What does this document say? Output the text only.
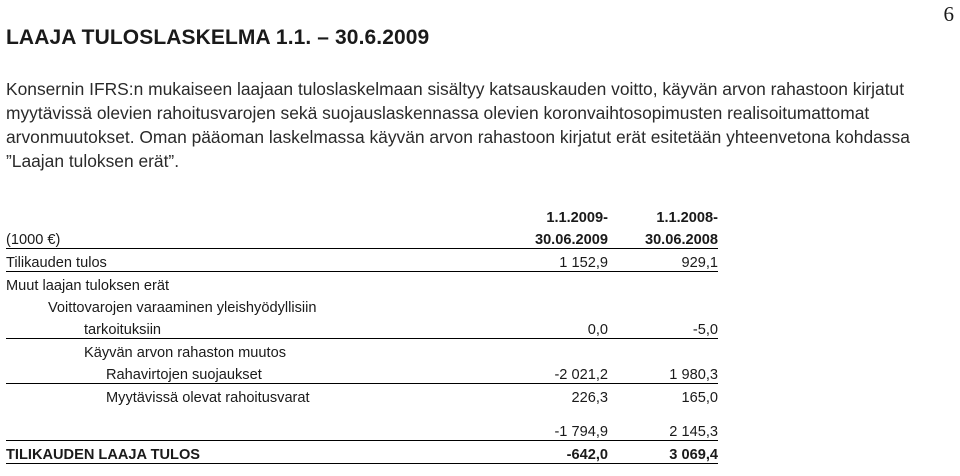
6
LAAJA TULOSLASKELMA 1.1. – 30.6.2009

Konsernin IFRS:n mukaiseen laajaan tuloslaskelmaan sisältyy katsauskauden voitto, käyvän arvon rahastoon kirjatut myytävissä olevien rahoitusvarojen sekä suojauslaskennassa olevien koronvaihtosopimusten realisoitumattomat arvonmuutokset. Oman pääoman laskelmassa käyvän arvon rahastoon kirjatut erät esitetään yhteenvetona kohdassa ”Laajan tuloksen erät”.

	1.1.2009-	1.1.2008-
(1000 €)	30.06.2009	30.06.2008
Tilikauden tulos	1 152,9	929,1
Muut laajan tuloksen erät		
Voittovarojen varaaminen yleishyödyllisiin		
tarkoituksiin	0,0	-5,0
Käyvän arvon rahaston muutos		
Rahavirtojen suojaukset	-2 021,2	1 980,3
Myytävissä olevat rahoitusvarat	226,3	165,0

	-1 794,9	2 145,3
TILIKAUDEN LAAJA TULOS	-642,0	3 069,4
